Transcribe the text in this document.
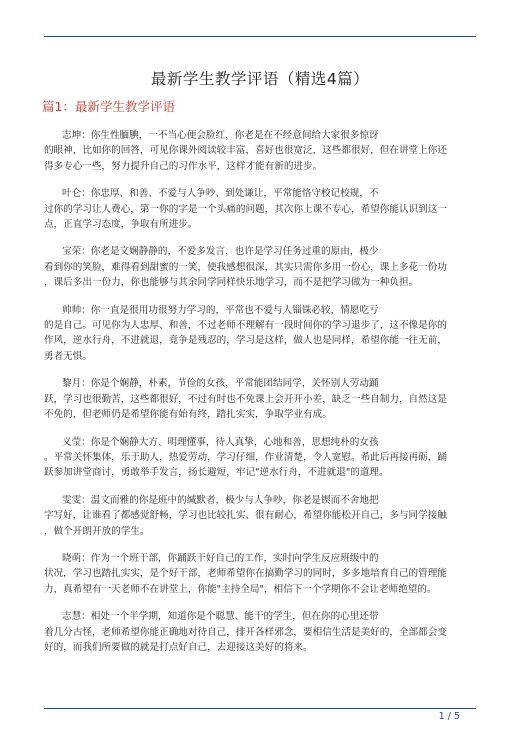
最新学生教学评语（精选4篇）
篇1：最新学生教学评语
志坤：你生性腼腆，一不当心便会脸红，你老是在不经意间给大家很多惊讶
的眼神，比如你的回答，可见你课外阅读较丰富，喜好也很宽泛，这些都很好，但在讲堂上你还
得多专心一些，努力提升自己的习作水平，这样才能有新的进步。
叶仑：你忠厚、和善、不爱与人争吵、到处谦让，平常能恪守校记校规，不
过你的学习让人费心，第一你的字是一个头痛的问题，其次你上课不专心，希望你能认识到这一
点，正直学习态度，争取有所进步。
宝荣：你老是文娴静静的，不爱多发言，也许是学习任务过重的原由，极少
看到你的笑脸，难得看到甜蜜的一笑，使我感想很深，其实只需你多用一份心，课上多花一份功
，课后多出一份力，你也能够与其余同学同样快乐地学习，而不是把学习做为一种负担。
帅帅：你一直是很用功很努力学习的，平常也不爱与人锱铢必较，情愿吃亏
的是自己。可见你为人忠厚、和善，不过老师不理解有一段时间你的学习退步了，这不像是你的
作风，逆水行舟，不进就退，竟争是残忍的，学习是这样，做人也是同样，希望你能一往无前，
勇者无惧。
黎月：你是个娴静，朴素，节俭的女孩，平常能团结同学，关怀别人劳动踊
跃，学习也很勤苦，这些都很好，不过有时也不免课上会开开小差，缺乏一些自制力，自然这是
不免的，但老师仍是希望你能有始有终，踏扎实实，争取学业有成。
义莹：你是个娴静大方、明理懂事，待人真挚，心地和善，思想纯朴的女孩
。平常关怀集体，乐于助人，热爱劳动，学习仔细，作业清楚，令人宽慰。希此后再接再砺，踊
跃参加讲堂商讨，勇敢举手发言，扬长避短，牢记"逆水行舟，不进就退"的道理。
雯雯：温文而雅的你是班中的缄默者，极少与人争吵，你老是锲而不舍地把
字写好，让谁看了都感觉舒畅，学习也比较扎实、很有耐心，希望你能松开自己，多与同学接触
，做个开朗开放的学生。
晓萌：作为一个班干部，你踊跃干好自己的工作，实时向学生反应班级中的
状况，学习也踏扎实实，是个好干部，老师希望你在搞勤学习的同时，多多地培育自己的管理能
力，真希望有一天老师不在讲堂上，你能"主持全局"，相信下一个学期你不会让老师绝望的。
志慧：相处一个半学期，知道你是个聪慧、能干的学生，但在你的心里还带
着几分古怪，老师希望你能正确地对待自己，排开各样邪念，要相信生活是美好的，全部都会变
好的，而我们所要做的就是打点好自己，去迎接这美好的将来。
1 / 5
